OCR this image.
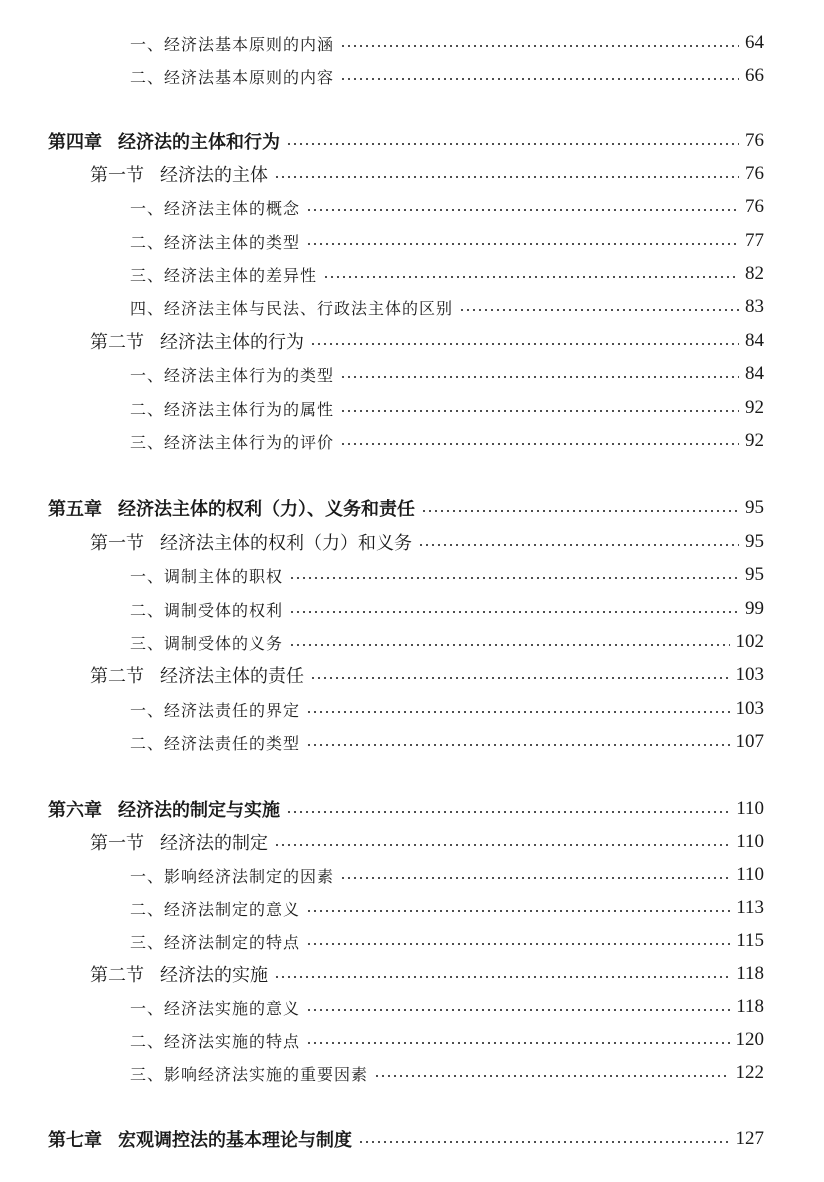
一、经济法基本原则的内涵	64
二、经济法基本原则的内容	66
第四章 经济法的主体和行为	76
第一节 经济法的主体	76
一、经济法主体的概念	76
二、经济法主体的类型	77
三、经济法主体的差异性	82
四、经济法主体与民法、行政法主体的区别	83
第二节 经济法主体的行为	84
一、经济法主体行为的类型	84
二、经济法主体行为的属性	92
三、经济法主体行为的评价	92
第五章 经济法主体的权利（力）、义务和责任	95
第一节 经济法主体的权利（力）和义务	95
一、调制主体的职权	95
二、调制受体的权利	99
三、调制受体的义务	102
第二节 经济法主体的责任	103
一、经济法责任的界定	103
二、经济法责任的类型	107
第六章 经济法的制定与实施	110
第一节 经济法的制定	110
一、影响经济法制定的因素	110
二、经济法制定的意义	113
三、经济法制定的特点	115
第二节 经济法的实施	118
一、经济法实施的意义	118
二、经济法实施的特点	120
三、影响经济法实施的重要因素	122
第七章 宏观调控法的基本理论与制度	127
